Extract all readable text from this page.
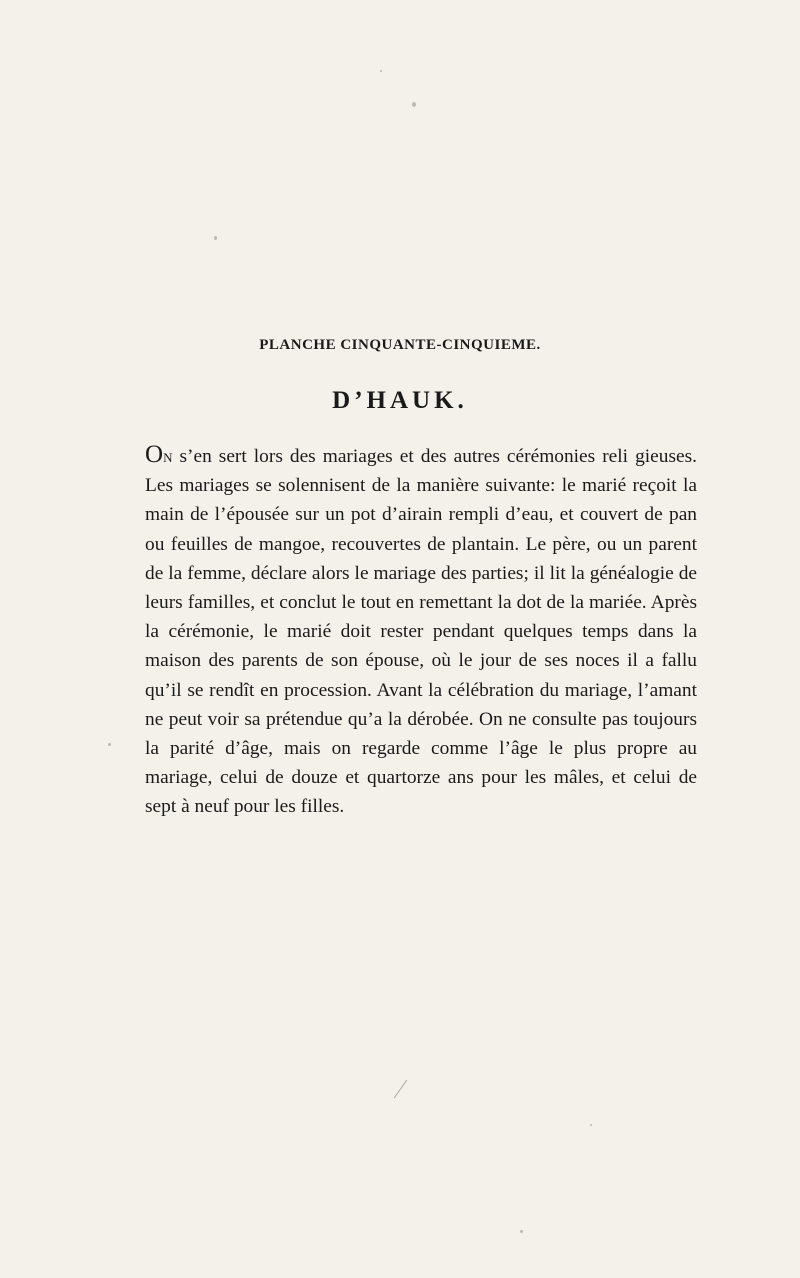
PLANCHE CINQUANTE-CINQUIEME.
D’HAUK.

On s’en sert lors des mariages et des autres cérémonies reli gieuses. Les mariages se solennisent de la manière suivante: le marié reçoit la main de l’épousée sur un pot d’airain rempli d’eau, et couvert de pan ou feuilles de mangoe, recouvertes de plantain. Le père, ou un parent de la femme, déclare alors le mariage des parties; il lit la généalogie de leurs familles, et conclut le tout en remettant la dot de la mariée. Après la cérémonie, le marié doit rester pendant quelques temps dans la maison des parents de son épouse, où le jour de ses noces il a fallu qu’il se rendît en procession. Avant la célébration du mariage, l’amant ne peut voir sa prétendue qu’a la dérobée. On ne consulte pas toujours la parité d’âge, mais on regarde comme l’âge le plus propre au mariage, celui de douze et quartorze ans pour les mâles, et celui de sept à neuf pour les filles.
